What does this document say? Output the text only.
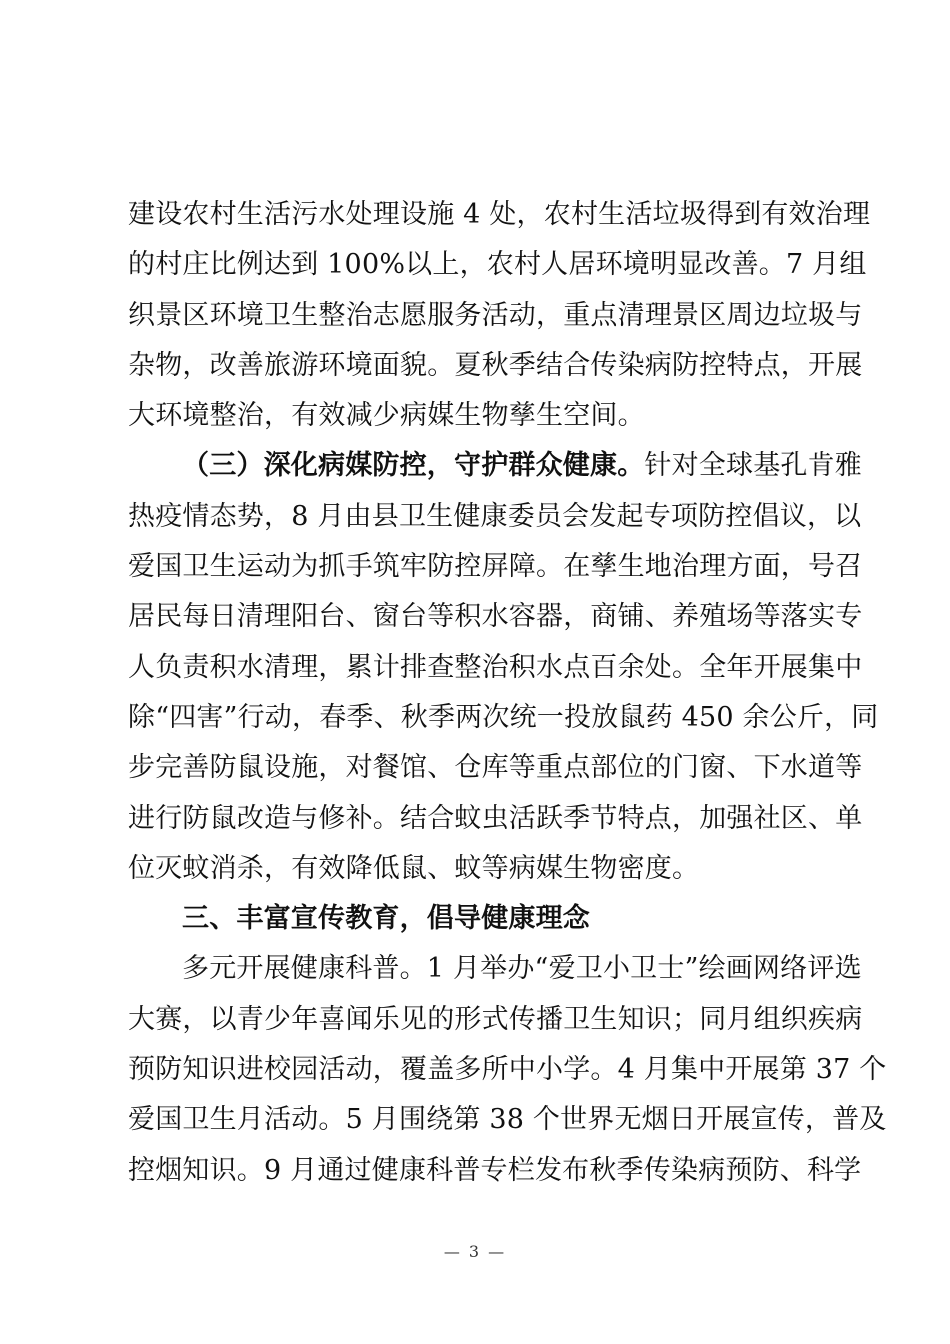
建设农村生活污水处理设施 4 处，农村生活垃圾得到有效治理
的村庄比例达到 100%以上，农村人居环境明显改善。7 月组
织景区环境卫生整治志愿服务活动，重点清理景区周边垃圾与
杂物，改善旅游环境面貌。夏秋季结合传染病防控特点，开展
大环境整治，有效减少病媒生物孳生空间。
（三）深化病媒防控，守护群众健康。针对全球基孔肯雅
热疫情态势，8 月由县卫生健康委员会发起专项防控倡议，以
爱国卫生运动为抓手筑牢防控屏障。在孳生地治理方面，号召
居民每日清理阳台、窗台等积水容器，商铺、养殖场等落实专
人负责积水清理，累计排查整治积水点百余处。全年开展集中
除“四害”行动，春季、秋季两次统一投放鼠药 450 余公斤，同
步完善防鼠设施，对餐馆、仓库等重点部位的门窗、下水道等
进行防鼠改造与修补。结合蚊虫活跃季节特点，加强社区、单
位灭蚊消杀，有效降低鼠、蚊等病媒生物密度。
三、丰富宣传教育，倡导健康理念
多元开展健康科普。1 月举办“爱卫小卫士”绘画网络评选
大赛，以青少年喜闻乐见的形式传播卫生知识；同月组织疾病
预防知识进校园活动，覆盖多所中小学。4 月集中开展第 37 个
爱国卫生月活动。5 月围绕第 38 个世界无烟日开展宣传，普及
控烟知识。9 月通过健康科普专栏发布秋季传染病预防、科学
— 3 —
